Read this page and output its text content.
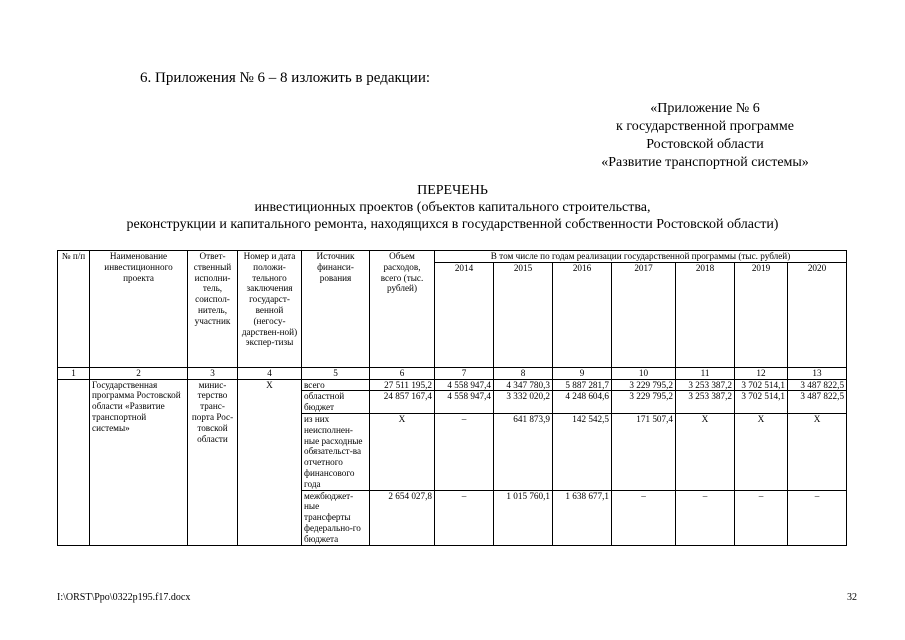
6. Приложения № 6 – 8 изложить в редакции:
«Приложение № 6
к государственной программе
Ростовской области
«Развитие транспортной системы»
ПЕРЕЧЕНЬ
инвестиционных проектов (объектов капитального строительства,
реконструкции и капитального ремонта, находящихся в государственной собственности Ростовской области)
№ п/п	Наименование инвестиционного проекта	Ответ-ственный исполни-тель, соиспол-нитель, участник	Номер и дата положи-тельного заключения государст-венной (негосу-дарствен-ной) экспер-тизы	Источник финанси-рования	Объем расходов, всего (тыс. рублей)	В том числе по годам реализации государственной программы (тыс. рублей)						
						2014	2015	2016	2017	2018	2019	2020
1	2	3	4	5	6	7	8	9	10	11	12	13
	Государственная программа Ростовской области «Развитие транспортной системы»	минис-терство транс-порта Рос-товской области	Х	всего	27 511 195,2	4 558 947,4	4 347 780,3	5 887 281,7	3 229 795,2	3 253 387,2	3 702 514,1	3 487 822,5
				областной бюджет	24 857 167,4	4 558 947,4	3 332 020,2	4 248 604,6	3 229 795,2	3 253 387,2	3 702 514,1	3 487 822,5
				из них неисполнен-ные расходные обязательст-ва отчетного финансового года	Х	–	641 873,9	142 542,5	171 507,4	Х	Х	Х
				межбюджет-ные трансферты федерально-го бюджета	2 654 027,8	–	1 015 760,1	1 638 677,1	–	–	–	–
I:\ORST\Ppo\0322p195.f17.docx	32
